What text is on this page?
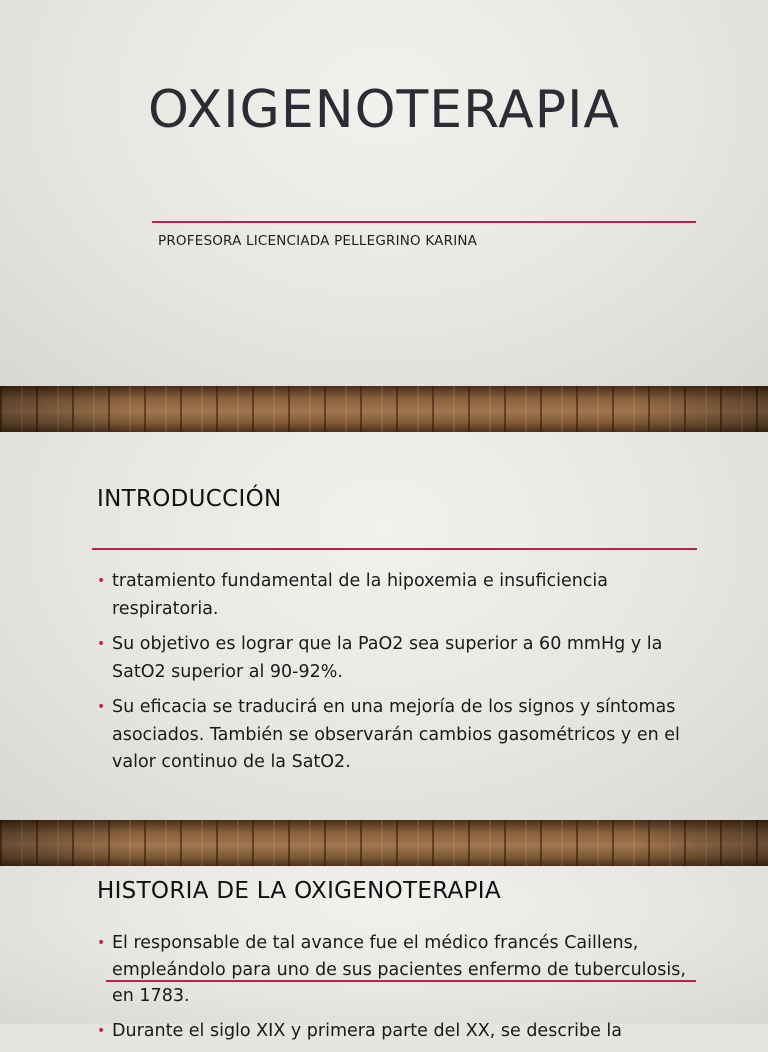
OXIGENOTERAPIA
PROFESORA LICENCIADA PELLEGRINO KARINA
INTRODUCCIÓN
• tratamiento fundamental de la hipoxemia e insuficiencia respiratoria.
• Su objetivo es lograr que la PaO2 sea superior a 60 mmHg y la SatO2 superior al 90-92%.
• Su eficacia se traducirá en una mejoría de los signos y síntomas asociados. También se observarán cambios gasométricos y en el valor continuo de la SatO2.
HISTORIA DE LA OXIGENOTERAPIA
• El responsable de tal avance fue el médico francés Caillens, empleándolo para uno de sus pacientes enfermo de tuberculosis, en 1783.
• Durante el siglo XIX y primera parte del XX, se describe la
